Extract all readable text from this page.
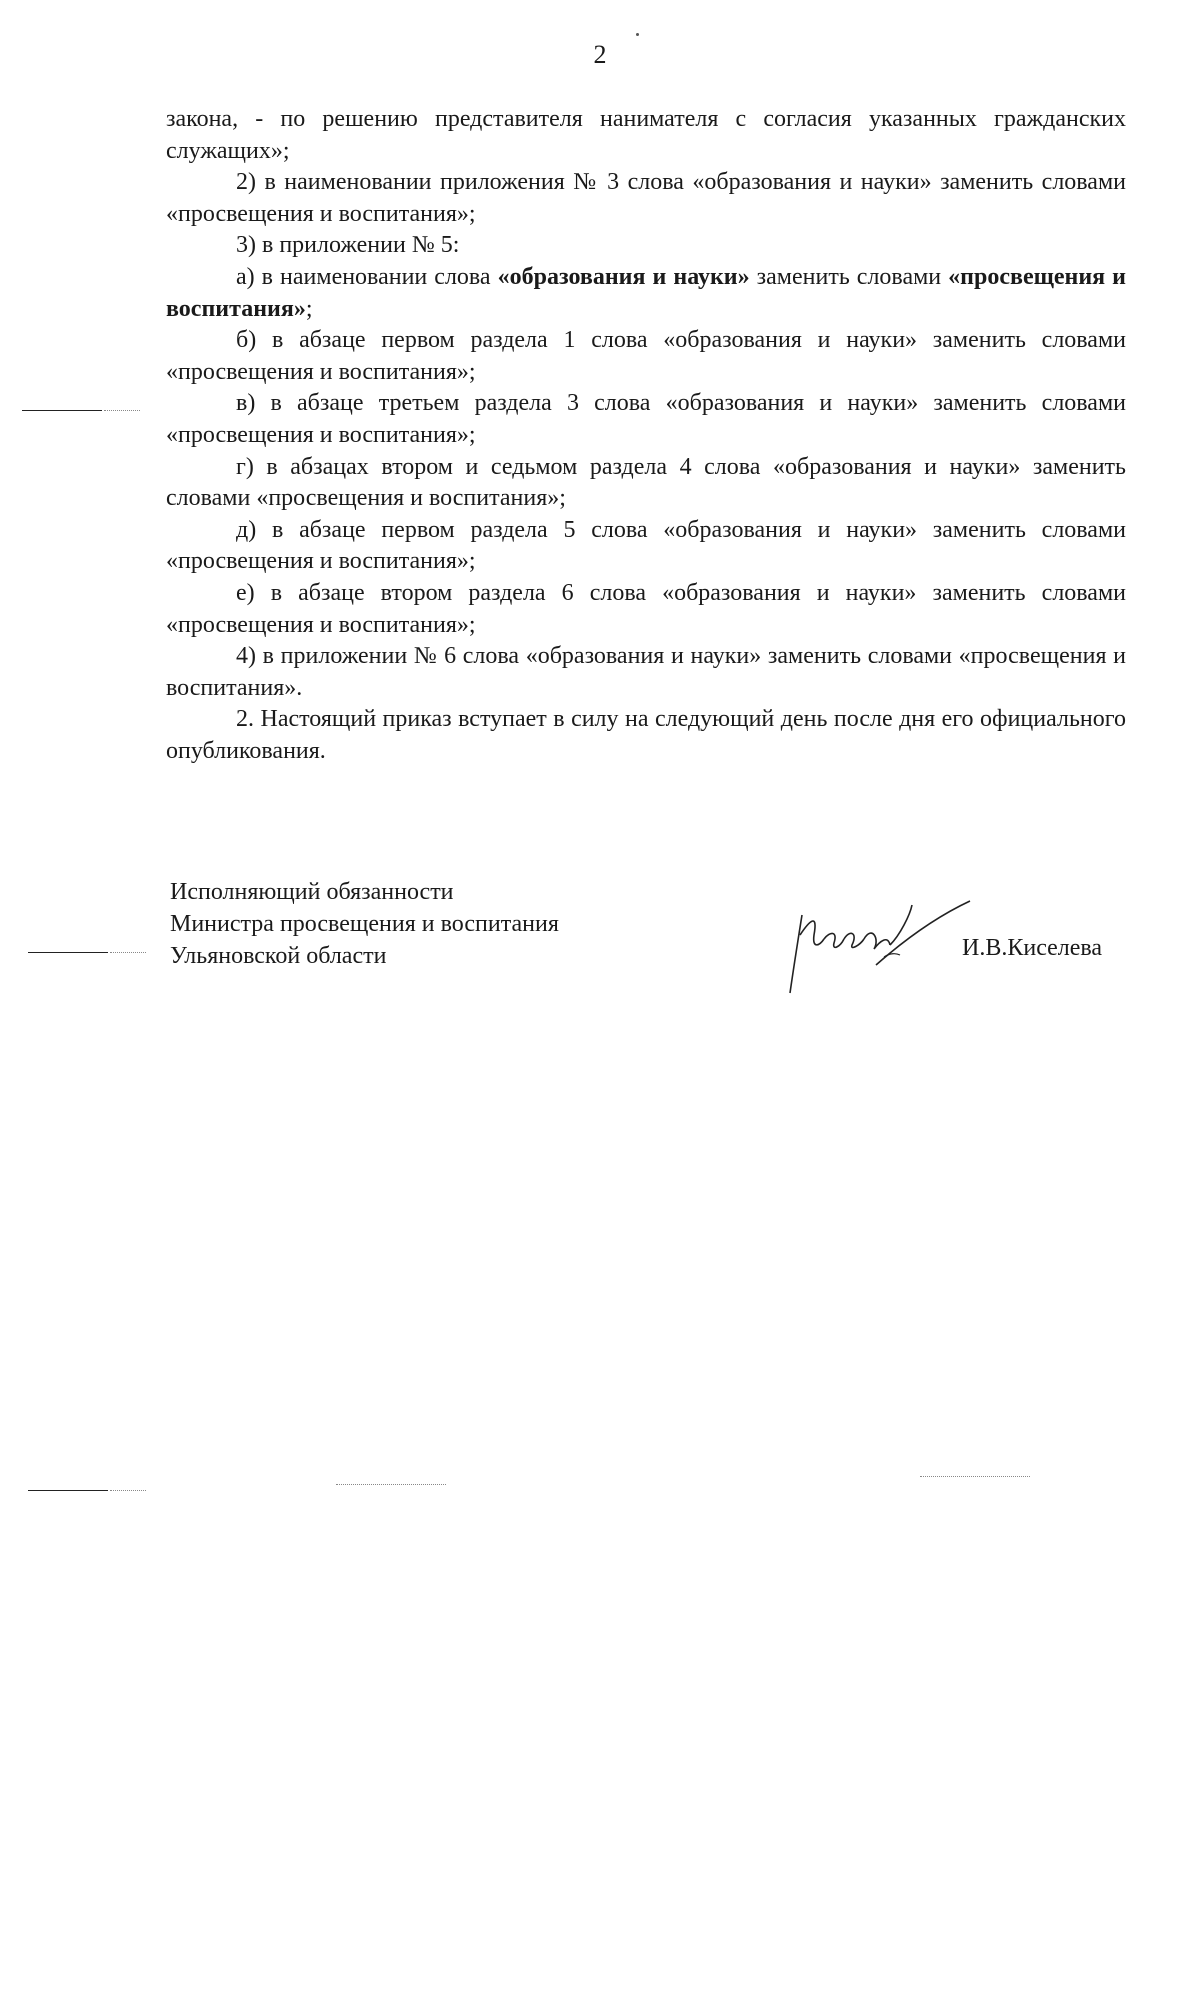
2

закона, - по решению представителя нанимателя с согласия указанных гражданских служащих»;

2) в наименовании приложения № 3 слова «образования и науки» заменить словами «просвещения и воспитания»;

3) в приложении № 5:

а) в наименовании слова «образования и науки» заменить словами «просвещения и воспитания»;

б) в абзаце первом раздела 1 слова «образования и науки» заменить словами «просвещения и воспитания»;

в) в абзаце третьем раздела 3 слова «образования и науки» заменить словами «просвещения и воспитания»;

г) в абзацах втором и седьмом раздела 4 слова «образования и науки» заменить словами «просвещения и воспитания»;

д) в абзаце первом раздела 5 слова «образования и науки» заменить словами «просвещения и воспитания»;

е) в абзаце втором раздела 6 слова «образования и науки» заменить словами «просвещения и воспитания»;

4) в приложении № 6 слова «образования и науки» заменить словами «просвещения и воспитания».

2. Настоящий приказ вступает в силу на следующий день после дня его официального опубликования.

Исполняющий обязанности
Министра просвещения и воспитания
Ульяновской области	И.В.Киселева
